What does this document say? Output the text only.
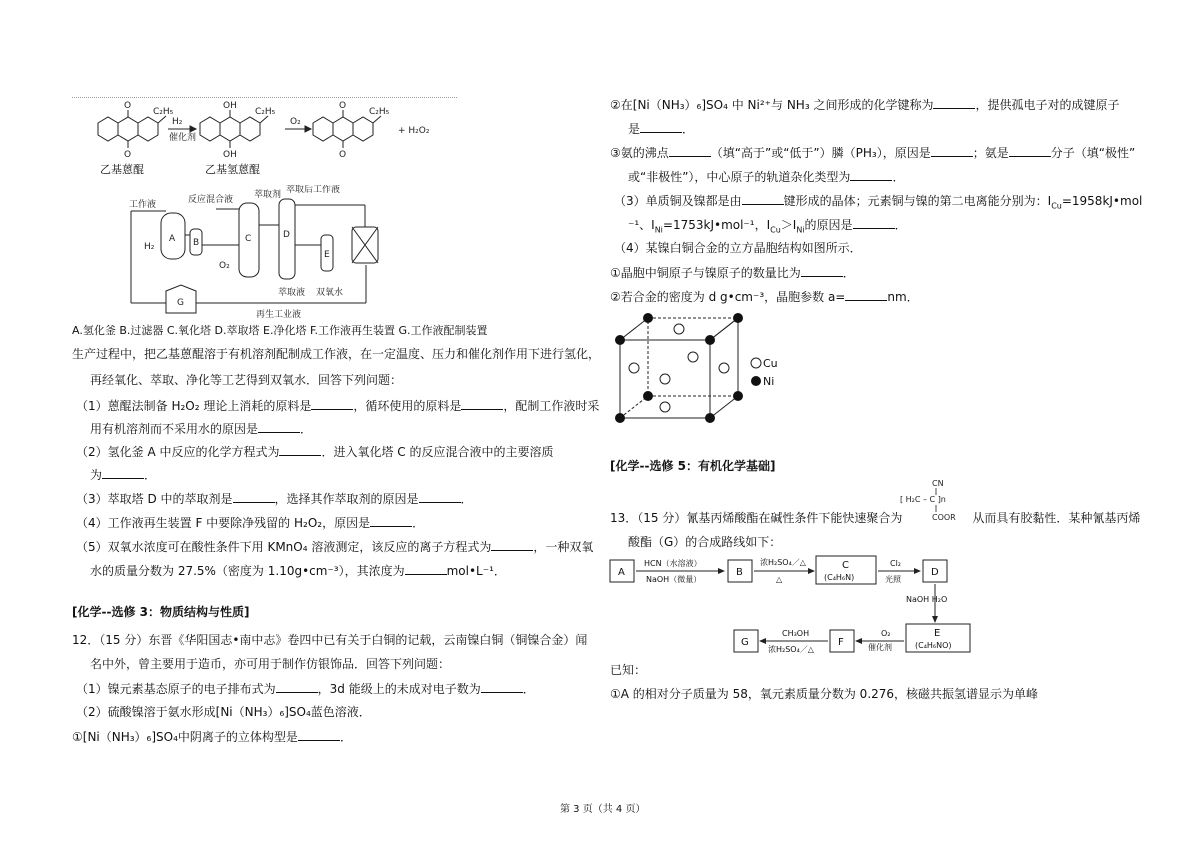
O
O
C₂H₅
H₂
催化剂
OH
OH
C₂H₅
O₂
O
O
C₂H₅
+ H₂O₂
乙基蒽醌	乙基氢蒽醌
工作液	反应混合液 萃取剂 萃取后工作液
H₂
O₂
萃取液 双氧水
再生工业液
A B	C	D
E
G
A.氢化釜 B.过滤器 C.氧化塔 D.萃取塔 E.净化塔 F.工作液再生装置 G.工作液配制装置
生产过程中，把乙基蒽醌溶于有机溶剂配制成工作液，在一定温度、压力和催化剂作用下进行氢化，
再经氧化、萃取、净化等工艺得到双氧水．回答下列问题：
（1）蒽醌法制备 H₂O₂ 理论上消耗的原料是	，循环使用的原料是	，配制工作液时采
用有机溶剂而不采用水的原因是	．
（2）氢化釜 A 中反应的化学方程式为	．进入氧化塔 C 的反应混合液中的主要溶质
为	．
（3）萃取塔 D 中的萃取剂是	，选择其作萃取剂的原因是	．
（4）工作液再生装置 F 中要除净残留的 H₂O₂，原因是	．
（5）双氧水浓度可在酸性条件下用 KMnO₄ 溶液测定，该反应的离子方程式为	，一种双氧
水的质量分数为 27.5%（密度为 1.10g•cm⁻³），其浓度为	mol•L⁻¹．
[化学--选修 3：物质结构与性质]
12．（15 分）东晋《华阳国志•南中志》卷四中已有关于白铜的记载，云南镍白铜（铜镍合金）闻
名中外，曾主要用于造币，亦可用于制作仿银饰品．回答下列问题：
（1）镍元素基态原子的电子排布式为	，3d 能级上的未成对电子数为	．
（2）硫酸镍溶于氨水形成[Ni（NH₃）₆]SO₄蓝色溶液．
①[Ni（NH₃）₆]SO₄中阴离子的立体构型是	．
②在[Ni（NH₃）₆]SO₄ 中 Ni²⁺与 NH₃ 之间形成的化学键称为	，提供孤电子对的成键原子
是	．
③氨的沸点	（填“高于”或“低于”）膦（PH₃），原因是	；氨是	分子（填“极性”
或“非极性”），中心原子的轨道杂化类型为	．
（3）单质铜及镍都是由	键形成的晶体；元素铜与镍的第二电离能分别为：$I_{Cu}=1958kJ•mol$
⁻¹、$I_{Ni}=1753kJ•mol^{-1}$，$I_{Cu}>I_{Ni}$的原因是	．
（4）某镍白铜合金的立方晶胞结构如图所示．
①晶胞中铜原子与镍原子的数量比为	．
②若合金的密度为 d g•cm⁻³，晶胞参数 a=	nm．
Cu
Ni
[化学--选修 5：有机化学基础]
CN
[ H₂C – C ]n
COOR
13．（15 分）氰基丙烯酸酯在碱性条件下能快速聚合为	从而具有胶黏性．某种氰基丙烯
酸酯（G）的合成路线如下：
A	B
C
(C₄H₆N)	D
E
(C₄H₆NO)
F
G
HCN（水溶液）
NaOH（微量）
浓H₂SO₄／△
△
Cl₂
光照
NaOH H₂O
O₂
催化剂
CH₃OH
浓H₂SO₄／△
已知：
①A 的相对分子质量为 58，氧元素质量分数为 0.276，核磁共振氢谱显示为单峰
第 3 页（共 4 页）
